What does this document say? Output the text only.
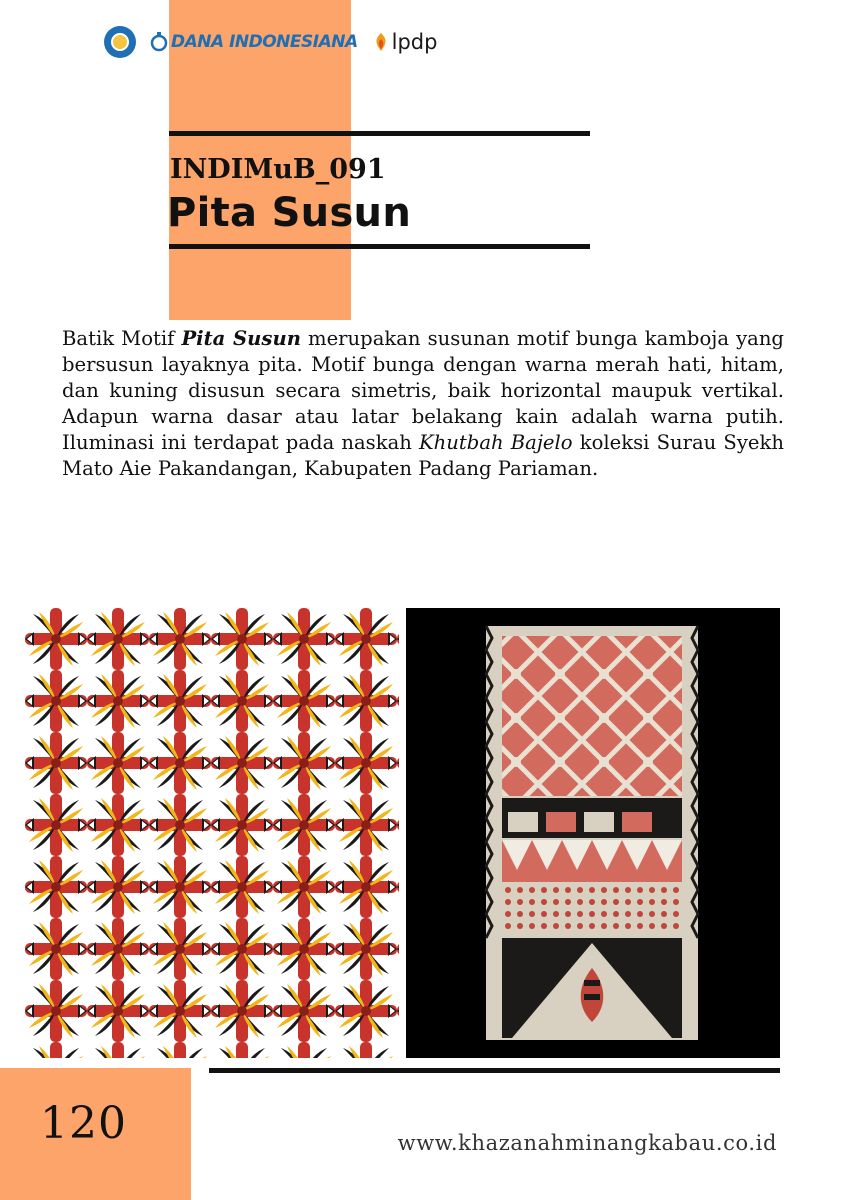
DANA INDONESIANA lpdp
INDIMuB_091
Pita Susun

Batik Motif Pita Susun merupakan susunan motif bunga kamboja yang bersusun layaknya pita. Motif bunga dengan warna merah hati, hitam, dan kuning disusun secara simetris, baik horizontal maupuk vertikal. Adapun warna dasar atau latar belakang kain adalah warna putih. Iluminasi ini terdapat pada naskah Khutbah Bajelo koleksi Surau Syekh Mato Aie Pakandangan, Kabupaten Padang Pariaman.

120	www.khazanahminangkabau.co.id
